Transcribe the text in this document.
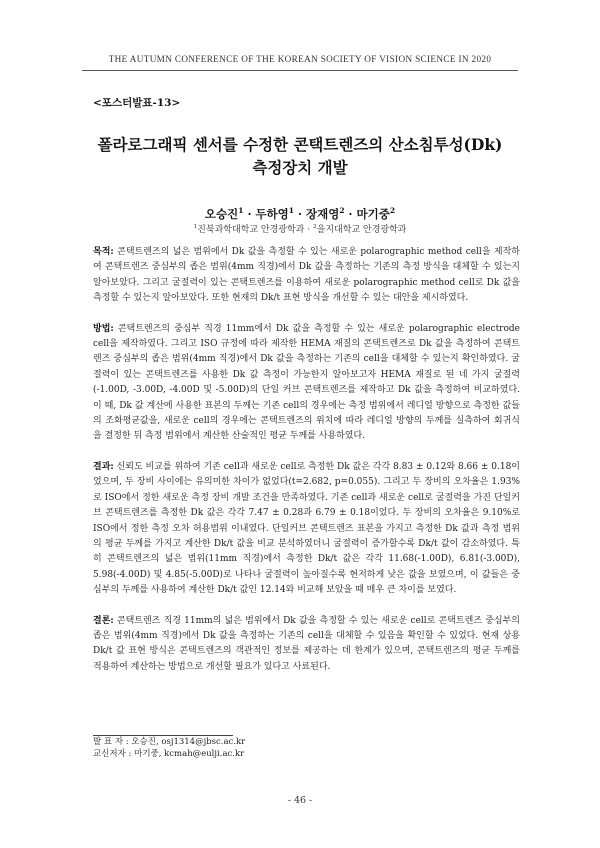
THE AUTUMN CONFERENCE OF THE KOREAN SOCIETY OF VISION SCIENCE IN 2020
<포스터발표-13>
폴라로그래픽 센서를 수정한 콘택트렌즈의 산소침투성(Dk)
측정장치 개발
오승진$^1$ · 두하영$^1$ · 장재영$^2$ · 마기중$^2$
$^1$진북과학대학교 안경광학과 · $^2$을지대학교 안경광학과

목적: 콘택트렌즈의 넓은 범위에서 Dk 값을 측정할 수 있는 새로운 polarographic method cell을 제작하여 콘택트렌즈 중심부의 좁은 범위(4mm 직경)에서 Dk 값을 측정하는 기존의 측정 방식을 대체할 수 있는지 알아보았다. 그리고 굴절력이 있는 콘택트렌즈를 이용하여 새로운 polarographic method cell로 Dk 값을 측정할 수 있는지 알아보았다. 또한 현재의 Dk/t 표현 방식을 개선할 수 있는 대안을 제시하였다.

방법: 콘택트렌즈의 중심부 직경 11mm에서 Dk 값을 측정할 수 있는 새로운 polarographic electrode cell을 제작하였다. 그리고 ISO 규정에 따라 제작한 HEMA 재질의 콘택트렌즈로 Dk 값을 측정하여 콘택트렌즈 중심부의 좁은 범위(4mm 직경)에서 Dk 값을 측정하는 기존의 cell을 대체할 수 있는지 확인하였다. 굴절력이 있는 콘택트렌즈를 사용한 Dk 값 측정이 가능한지 알아보고자 HEMA 재질로 된 네 가지 굴절력(-1.00D, -3.00D, -4.00D 및 -5.00D)의 단일 커브 콘택트렌즈를 제작하고 Dk 값을 측정하여 비교하였다. 이 때, Dk 값 계산에 사용한 표본의 두께는 기존 cell의 경우에는 측정 범위에서 레디얼 방향으로 측정한 값들의 조화평균값을, 새로운 cell의 경우에는 콘택트렌즈의 위치에 따라 레디얼 방향의 두께를 실측하여 회귀식을 결정한 뒤 측정 범위에서 계산한 산술적인 평균 두께를 사용하였다.

결과: 신뢰도 비교를 위하여 기존 cell과 새로운 cell로 측정한 Dk 값은 각각 8.83 ± 0.12와 8.66 ± 0.18이었으며, 두 장비 사이에는 유의미한 차이가 없었다(t=2.682, p=0.055). 그리고 두 장비의 오차율은 1.93%로 ISO에서 정한 새로운 측정 장비 개발 조건을 만족하였다. 기존 cell과 새로운 cell로 굴절력을 가진 단일커브 콘택트렌즈를 측정한 Dk 값은 각각 7.47 ± 0.28과 6.79 ± 0.18이었다. 두 장비의 오차율은 9.10%로 ISO에서 정한 측정 오차 허용범위 이내였다. 단일커브 콘택트렌즈 표본을 가지고 측정한 Dk 값과 측정 범위의 평균 두께를 가지고 계산한 Dk/t 값을 비교 분석하였더니 굴절력이 증가할수록 Dk/t 값이 감소하였다. 특히 콘택트렌즈의 넓은 범위(11mm 직경)에서 측정한 Dk/t 값은 각각 11.68(-1.00D), 6.81(-3.00D), 5.98(-4.00D) 및 4.85(-5.00D)로 나타나 굴절력이 높아질수록 현저하게 낮은 값을 보였으며, 이 값들은 중심부의 두께를 사용하여 계산한 Dk/t 값인 12.14와 비교해 보았을 때 매우 큰 차이를 보였다.

결론: 콘택트렌즈 직경 11mm의 넓은 범위에서 Dk 값을 측정할 수 있는 새로운 cell로 콘택트렌즈 중심부의 좁은 범위(4mm 직경)에서 Dk 값을 측정하는 기존의 cell을 대체할 수 있음을 확인할 수 있었다. 현재 상용 Dk/t 값 표현 방식은 콘택트렌즈의 객관적인 정보를 제공하는 데 한계가 있으며, 콘택트렌즈의 평균 두께를 적용하여 계산하는 방법으로 개선할 필요가 있다고 사료된다.

발 표 자 : 오승진, osj1314@jbsc.ac.kr
교신저자 : 마기중, kcmah@eulji.ac.kr
- 46 -
